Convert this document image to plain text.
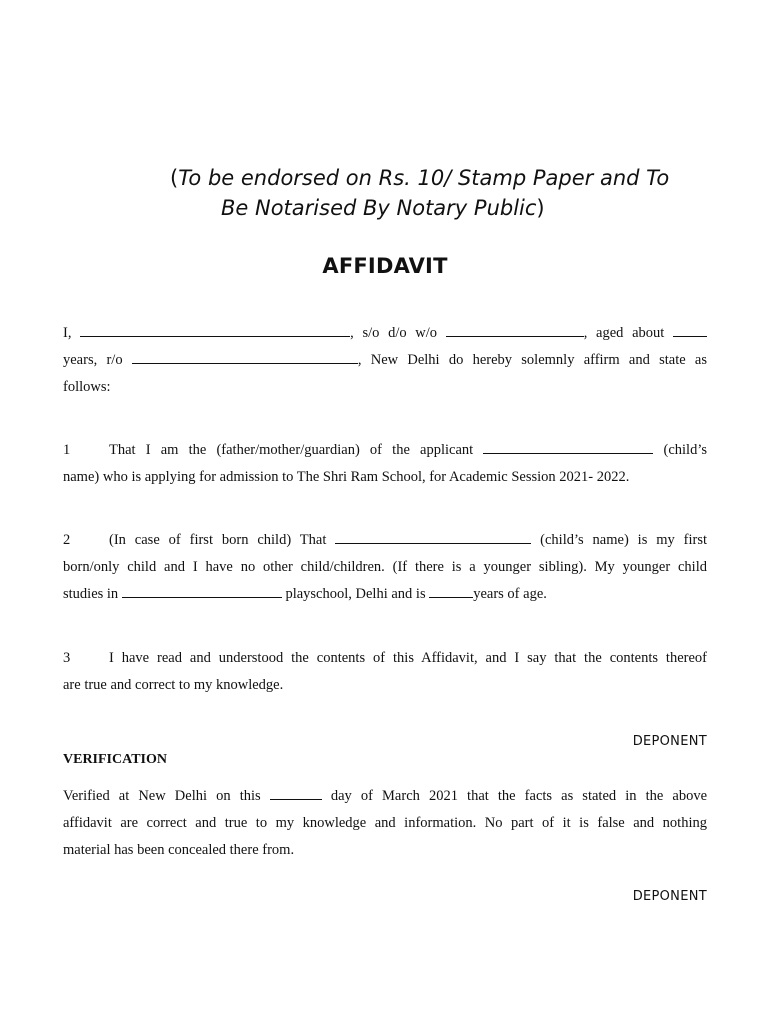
(To be endorsed on Rs. 10/ Stamp Paper and To
Be Notarised By Notary Public)
AFFIDAVIT
I,	, s/o d/o w/o	, aged about
years, r/o	, New Delhi do hereby solemnly affirm and state as
follows:
1	That I am the (father/mother/guardian) of the applicant	(child’s
name) who is applying for admission to The Shri Ram School, for Academic Session 2021- 2022.
2	(In case of first born child) That	(child’s name) is my first
born/only child and I have no other child/children. (If there is a younger sibling). My younger child
studies in	playschool, Delhi and is	years of age.
3	I have read and understood the contents of this Affidavit, and I say that the contents thereof
are true and correct to my knowledge.
DEPONENT
VERIFICATION
Verified at New Delhi on this	day of March 2021 that the facts as stated in the above
affidavit are correct and true to my knowledge and information. No part of it is false and nothing
material has been concealed there from.
DEPONENT
